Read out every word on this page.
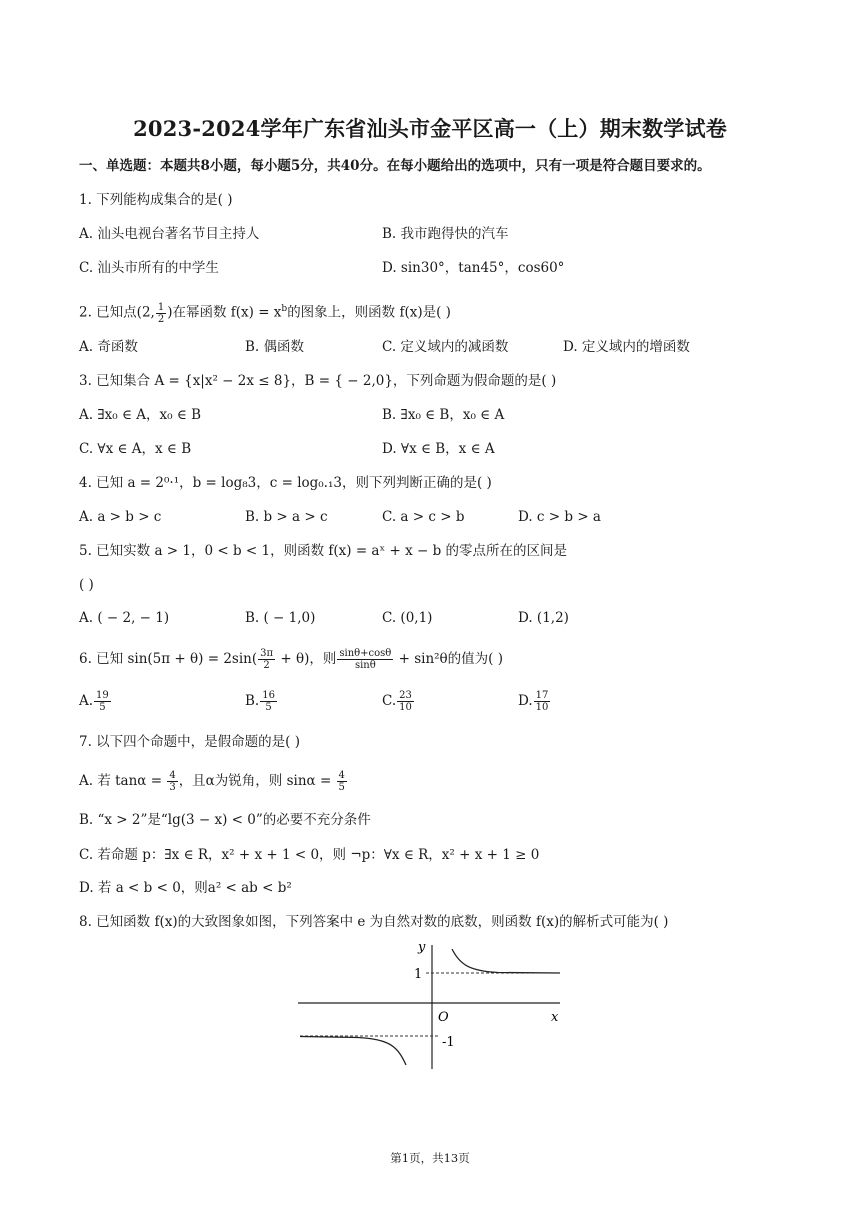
2023-2024学年广东省汕头市金平区高一（上）期末数学试卷
一、单选题：本题共8小题，每小题5分，共40分。在每小题给出的选项中，只有一项是符合题目要求的。
1. 下列能构成集合的是( )
A. 汕头电视台著名节目主持人	B. 我市跑得快的汽车
C. 汕头市所有的中学生	D. sin30°，tan45°，cos60°
2. 已知点(2, $\frac{1}{2}$ )在幂函数 $f(x) = x^b$的图象上，则函数 f(x)是( )
A. 奇函数	B. 偶函数	C. 定义域内的减函数	D. 定义域内的增函数
3. 已知集合 A = {x|x² − 2x ≤ 8}，B = { − 2,0}，下列命题为假命题的是( )
A. ∃x₀ ∈ A，x₀ ∈ B	B. ∃x₀ ∈ B，x₀ ∈ A
C. ∀x ∈ A，x ∈ B	D. ∀x ∈ B，x ∈ A
4. 已知 a = 2⁰·¹，b = log₈3，c = log₀.₁3，则下列判断正确的是( )
A. a > b > c	B. b > a > c	C. a > c > b	D. c > b > a
5. 已知实数 a > 1，0 < b < 1，则函数 f(x) = aˣ + x − b 的零点所在的区间是
( )
A. ( − 2, − 1)	B. ( − 1,0)	C. (0,1)	D. (1,2)
6. 已知 $\sin(5\pi + \theta) = 2\sin( \frac{3\pi}{2} + \theta)$，则 $\frac{\sin\theta+\cos\theta}{\sin\theta} + \sin^2\theta$的值为( )
A. $\frac{19}{5}$	B. $\frac{16}{5}$	C. $\frac{23}{10}$	D. $\frac{17}{10}$
7. 以下四个命题中，是假命题的是( )
A. 若 $\tan\alpha = \frac{4}{3}$ ，且α为锐角，则 $\sin\alpha = \frac{4}{5}$
B. “x > 2”是“lg(3 − x) < 0”的必要不充分条件
C. 若命题 p：∃x ∈ R，x² + x + 1 < 0，则 ¬p：∀x ∈ R，x² + x + 1 ≥ 0
D. 若 a < b < 0，则a² < ab < b²
8. 已知函数 f(x)的大致图象如图，下列答案中 e 为自然对数的底数，则函数 f(x)的解析式可能为( )
y
x
O
1
-1
第1页，共13页
